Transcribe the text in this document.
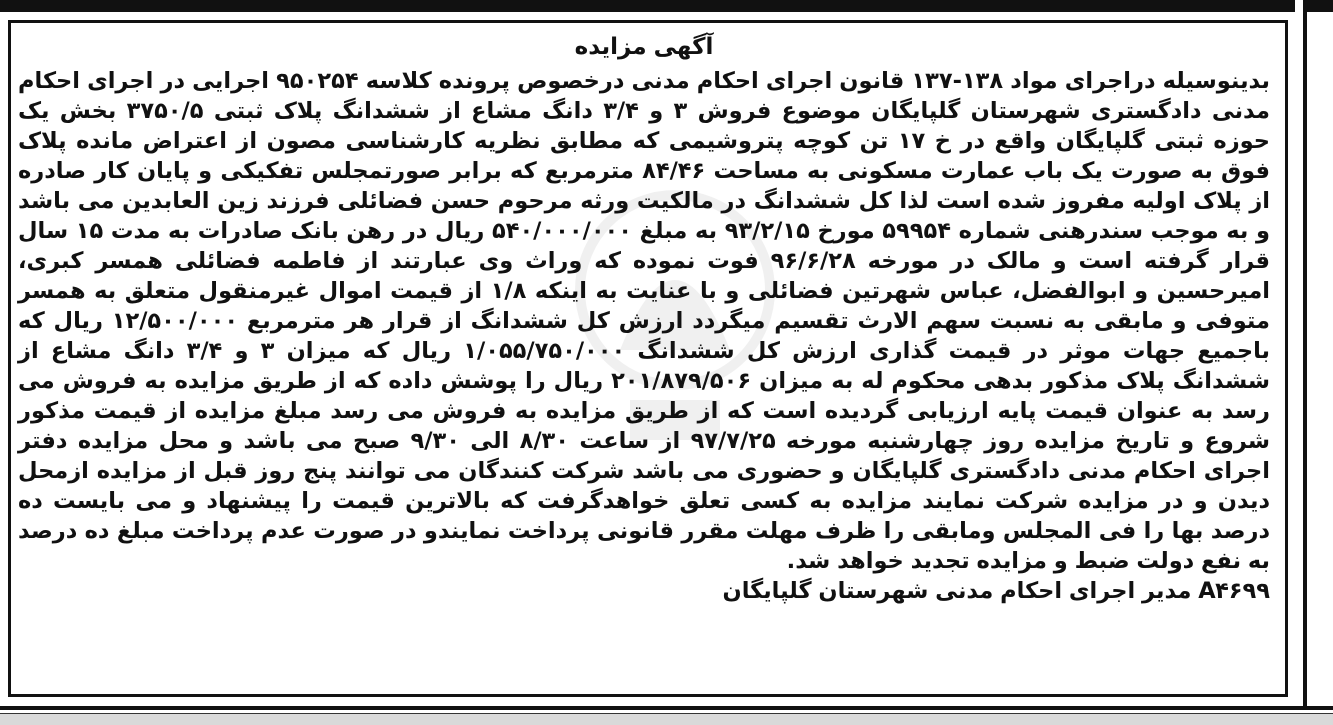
آگهی مزایده

بدینوسیله دراجرای مواد ۱۳۸-۱۳۷ قانون اجرای احکام مدنی درخصوص پرونده کلاسه ۹۵۰۲۵۴ اجرایی در اجرای احکام مدنی دادگستری شهرستان گلپایگان موضوع فروش ۳ و ۳/۴ دانگ مشاع از ششدانگ پلاک ثبتی ۳۷۵۰/۵ بخش یک حوزه ثبتی گلپایگان واقع در خ ۱۷ تن کوچه پتروشیمی که مطابق نظریه کارشناسی مصون از اعتراض مانده پلاک فوق به صورت یک باب عمارت مسکونی به مساحت ۸۴/۴۶ مترمربع که برابر صورتمجلس تفکیکی و پایان کار صادره از پلاک اولیه مفروز شده است لذا کل ششدانگ در مالکیت ورثه مرحوم حسن فضائلی فرزند زین العابدین می باشد و به موجب سندرهنی شماره ۵۹۹۵۴ مورخ ۹۳/۲/۱۵ به مبلغ ۵۴۰/۰۰۰/۰۰۰ ریال در رهن بانک صادرات به مدت ۱۵ سال قرار گرفته است و مالک در مورخه ۹۶/۶/۲۸ فوت نموده که وراث وی عبارتند از فاطمه فضائلی همسر کبری، امیرحسین و ابوالفضل، عباس شهرتین فضائلی و با عنایت به اینکه ۱/۸ از قیمت اموال غیرمنقول متعلق به همسر متوفی و مابقی به نسبت سهم الارث تقسیم میگردد ارزش کل ششدانگ از قرار هر مترمربع ۱۲/۵۰۰/۰۰۰ ریال که باجمیع جهات موثر در قیمت گذاری ارزش کل ششدانگ ۱/۰۵۵/۷۵۰/۰۰۰ ریال که میزان ۳ و ۳/۴ دانگ مشاع از ششدانگ پلاک مذکور بدهی محکوم له به میزان ۲۰۱/۸۷۹/۵۰۶ ریال را پوشش داده که از طریق مزایده به فروش می رسد به عنوان قیمت پایه ارزیابی گردیده است که از طریق مزایده به فروش می رسد مبلغ مزایده از قیمت مذکور شروع و تاریخ مزایده روز چهارشنبه مورخه ۹۷/۷/۲۵ از ساعت ۸/۳۰ الی ۹/۳۰ صبح می باشد و محل مزایده دفتر اجرای احکام مدنی دادگستری گلپایگان و حضوری می باشد شرکت کنندگان می توانند پنج روز قبل از مزایده ازمحل دیدن و در مزایده شرکت نمایند مزایده به کسی تعلق خواهدگرفت که بالاترین قیمت را پیشنهاد و می بایست ده درصد بها را فی المجلس ومابقی را ظرف مهلت مقرر قانونی پرداخت نمایندو در صورت عدم پرداخت مبلغ ده درصد به نفع دولت ضبط و مزایده تجدید خواهد شد.

A۴۶۹۹ مدیر اجرای احکام مدنی شهرستان گلپایگان
